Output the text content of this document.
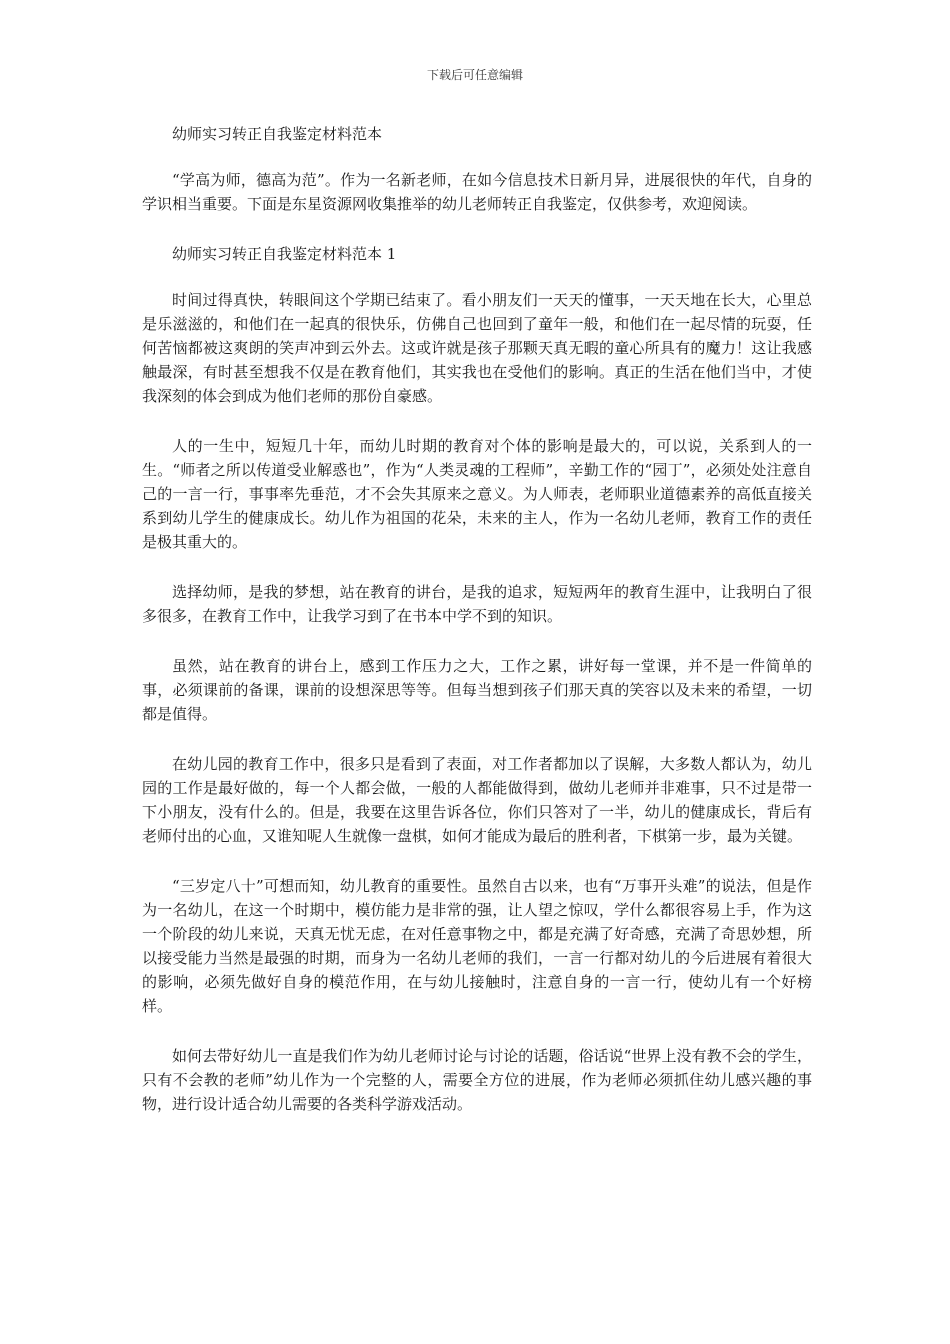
下载后可任意编辑
幼师实习转正自我鉴定材料范本

“学高为师，德高为范”。作为一名新老师，在如今信息技术日新月异，进展很快的年代，自身的学识相当重要。下面是东星资源网收集推举的幼儿老师转正自我鉴定，仅供参考，欢迎阅读。

幼师实习转正自我鉴定材料范本 1

时间过得真快，转眼间这个学期已结束了。看小朋友们一天天的懂事，一天天地在长大，心里总是乐滋滋的，和他们在一起真的很快乐，仿佛自己也回到了童年一般，和他们在一起尽情的玩耍，任何苦恼都被这爽朗的笑声冲到云外去。这或许就是孩子那颗天真无暇的童心所具有的魔力！这让我感触最深，有时甚至想我不仅是在教育他们，其实我也在受他们的影响。真正的生活在他们当中，才使我深刻的体会到成为他们老师的那份自豪感。

人的一生中，短短几十年，而幼儿时期的教育对个体的影响是最大的，可以说，关系到人的一生。“师者之所以传道受业解惑也”，作为“人类灵魂的工程师”，辛勤工作的“园丁”，必须处处注意自己的一言一行，事事率先垂范，才不会失其原来之意义。为人师表，老师职业道德素养的高低直接关系到幼儿学生的健康成长。幼儿作为祖国的花朵，未来的主人，作为一名幼儿老师，教育工作的责任是极其重大的。

选择幼师，是我的梦想，站在教育的讲台，是我的追求，短短两年的教育生涯中，让我明白了很多很多，在教育工作中，让我学习到了在书本中学不到的知识。

虽然，站在教育的讲台上，感到工作压力之大，工作之累，讲好每一堂课，并不是一件简单的事，必须课前的备课，课前的设想深思等等。但每当想到孩子们那天真的笑容以及未来的希望，一切都是值得。

在幼儿园的教育工作中，很多只是看到了表面，对工作者都加以了误解，大多数人都认为，幼儿园的工作是最好做的，每一个人都会做，一般的人都能做得到，做幼儿老师并非难事，只不过是带一下小朋友，没有什么的。但是，我要在这里告诉各位，你们只答对了一半，幼儿的健康成长，背后有老师付出的心血，又谁知呢人生就像一盘棋，如何才能成为最后的胜利者，下棋第一步，最为关键。

“三岁定八十”可想而知，幼儿教育的重要性。虽然自古以来，也有“万事开头难”的说法，但是作为一名幼儿，在这一个时期中，模仿能力是非常的强，让人望之惊叹，学什么都很容易上手，作为这一个阶段的幼儿来说，天真无忧无虑，在对任意事物之中，都是充满了好奇感，充满了奇思妙想，所以接受能力当然是最强的时期，而身为一名幼儿老师的我们，一言一行都对幼儿的今后进展有着很大的影响，必须先做好自身的模范作用，在与幼儿接触时，注意自身的一言一行，使幼儿有一个好榜样。

如何去带好幼儿一直是我们作为幼儿老师讨论与讨论的话题，俗话说“世界上没有教不会的学生，只有不会教的老师”幼儿作为一个完整的人，需要全方位的进展，作为老师必须抓住幼儿感兴趣的事物，进行设计适合幼儿需要的各类科学游戏活动。
